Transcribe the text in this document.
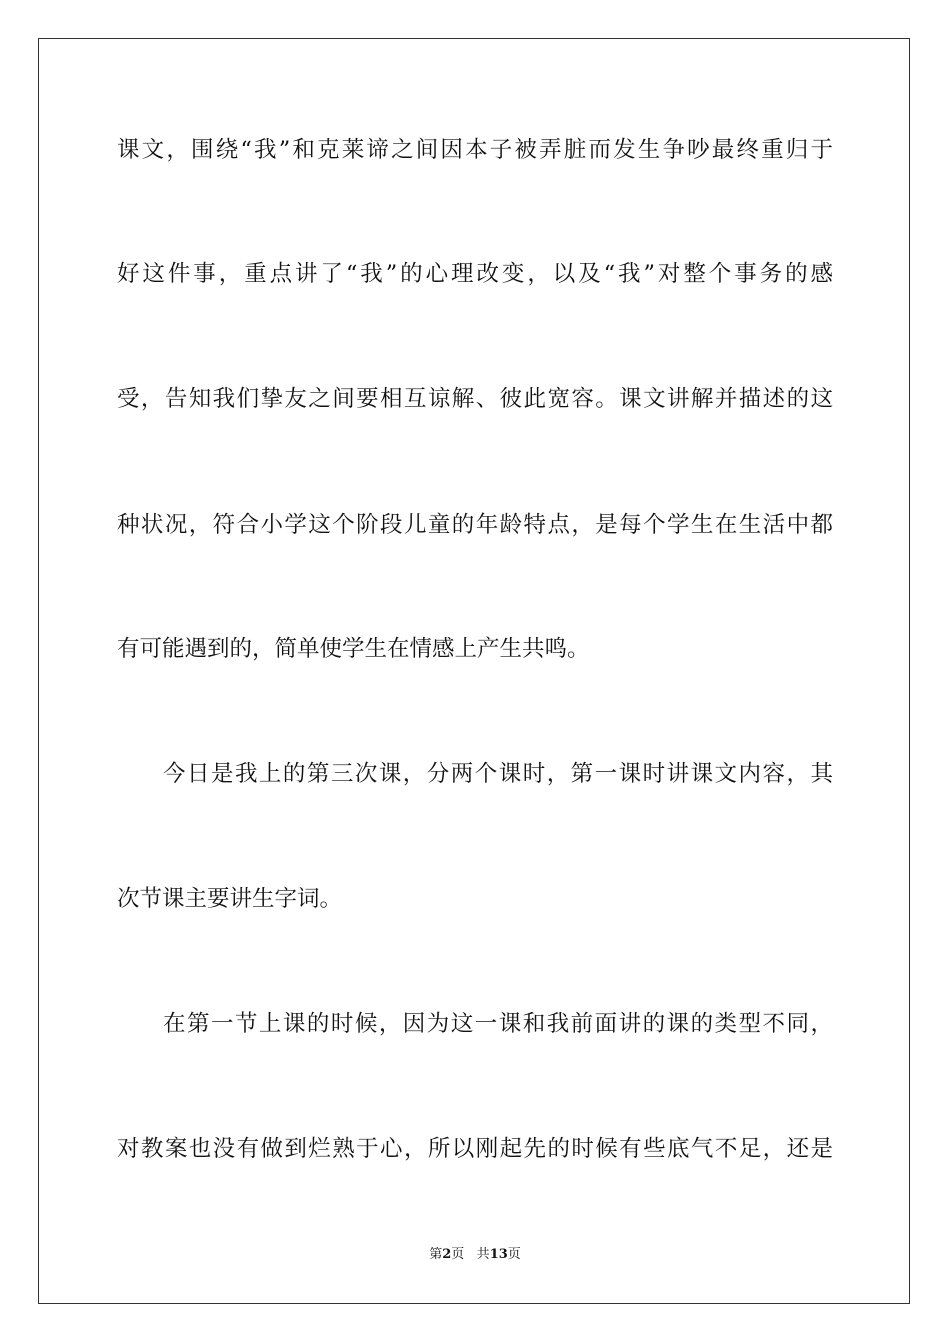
课文，围绕“我”和克莱谛之间因本子被弄脏而发生争吵最终重归于
好这件事，重点讲了“我”的心理改变，以及“我”对整个事务的感
受，告知我们挚友之间要相互谅解、彼此宽容。课文讲解并描述的这
种状况，符合小学这个阶段儿童的年龄特点，是每个学生在生活中都
有可能遇到的，简单使学生在情感上产生共鸣。
今日是我上的第三次课，分两个课时，第一课时讲课文内容，其
次节课主要讲生字词。
在第一节上课的时候，因为这一课和我前面讲的课的类型不同，
对教案也没有做到烂熟于心，所以刚起先的时候有些底气不足，还是
第2页 共13页
